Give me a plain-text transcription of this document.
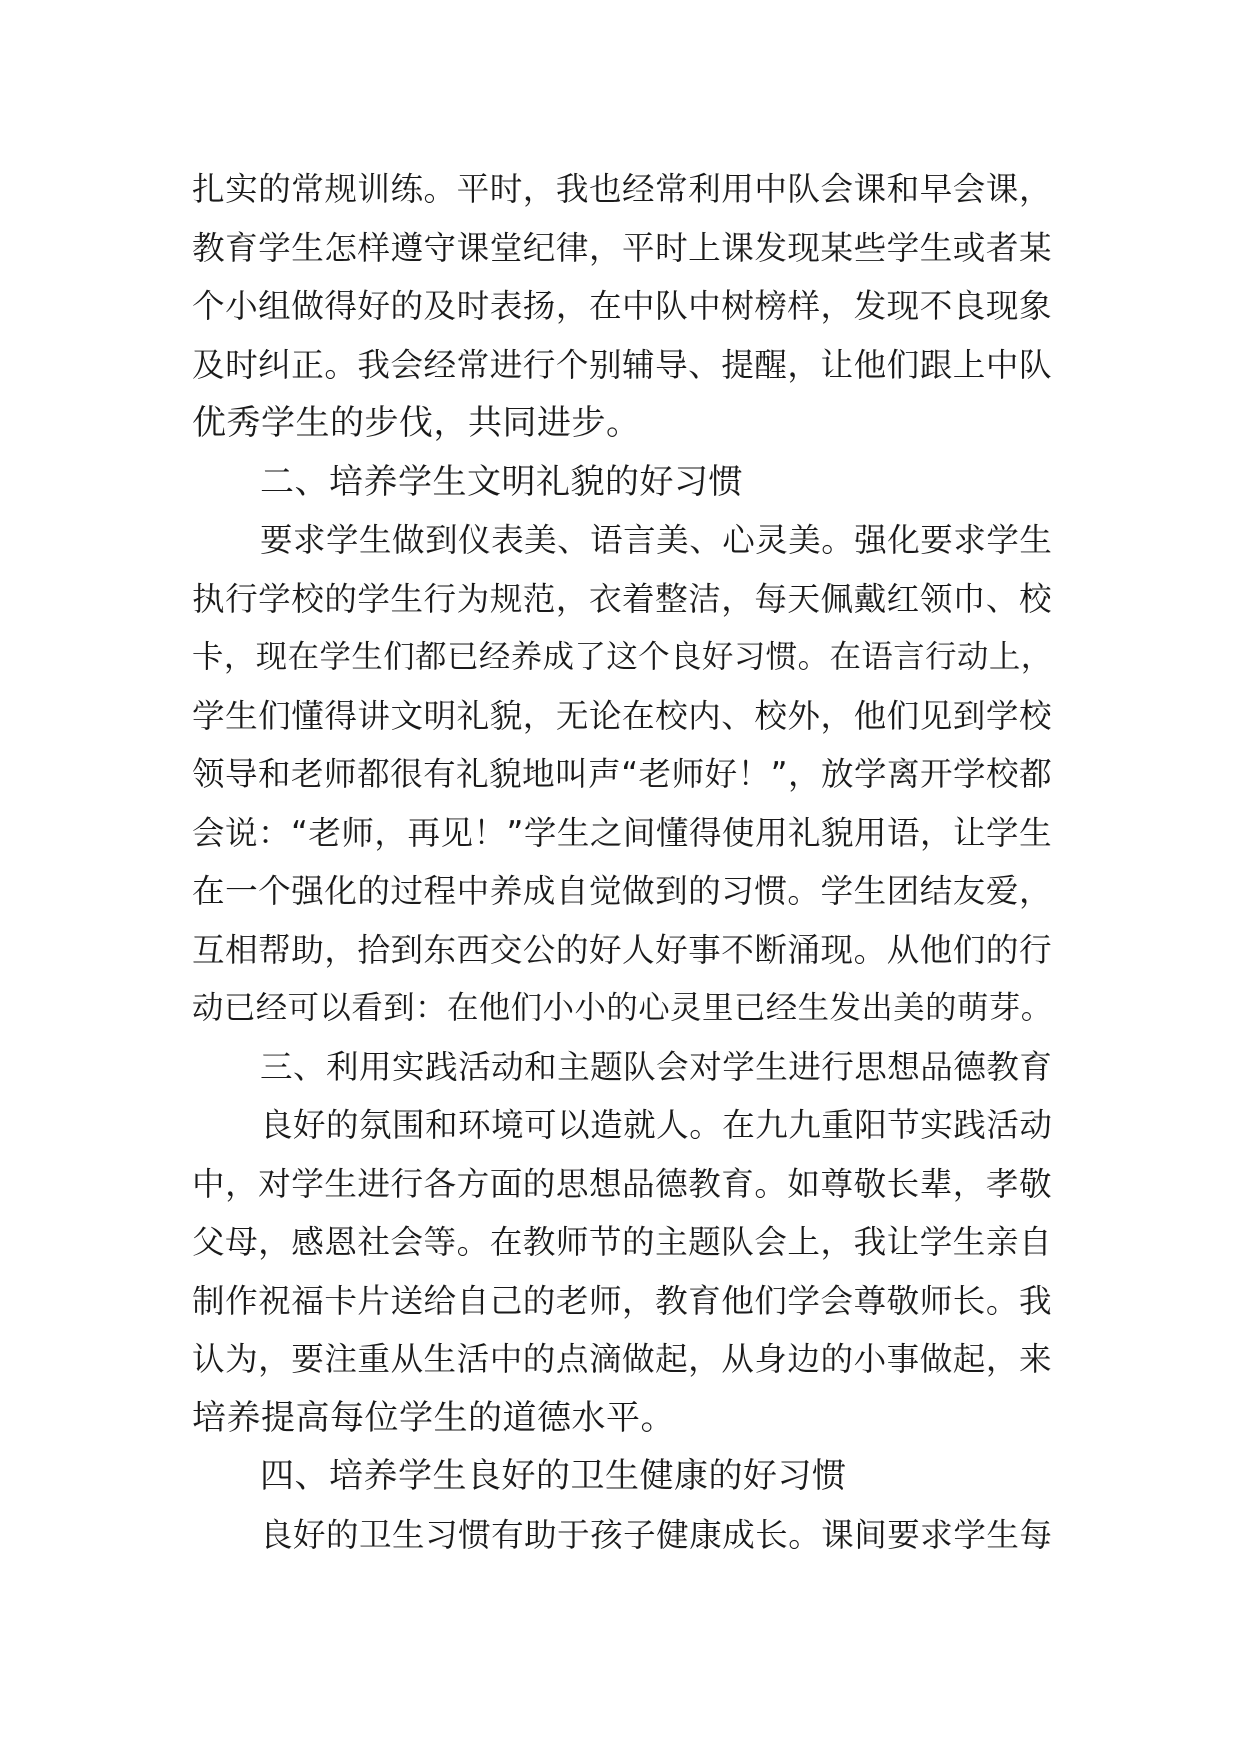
扎实的常规训练。平时，我也经常利用中队会课和早会课，
教育学生怎样遵守课堂纪律，平时上课发现某些学生或者某
个小组做得好的及时表扬，在中队中树榜样，发现不良现象
及时纠正。我会经常进行个别辅导、提醒，让他们跟上中队
优秀学生的步伐，共同进步。
二、培养学生文明礼貌的好习惯
要求学生做到仪表美、语言美、心灵美。强化要求学生
执行学校的学生行为规范，衣着整洁，每天佩戴红领巾、校
卡，现在学生们都已经养成了这个良好习惯。在语言行动上，
学生们懂得讲文明礼貌，无论在校内、校外，他们见到学校
领导和老师都很有礼貌地叫声“老师好！”，放学离开学校都
会说：“老师，再见！”学生之间懂得使用礼貌用语，让学生
在一个强化的过程中养成自觉做到的习惯。学生团结友爱，
互相帮助，拾到东西交公的好人好事不断涌现。从他们的行
动已经可以看到：在他们小小的心灵里已经生发出美的萌芽。
三、利用实践活动和主题队会对学生进行思想品德教育
良好的氛围和环境可以造就人。在九九重阳节实践活动
中，对学生进行各方面的思想品德教育。如尊敬长辈，孝敬
父母，感恩社会等。在教师节的主题队会上，我让学生亲自
制作祝福卡片送给自己的老师，教育他们学会尊敬师长。我
认为，要注重从生活中的点滴做起，从身边的小事做起，来
培养提高每位学生的道德水平。
四、培养学生良好的卫生健康的好习惯
良好的卫生习惯有助于孩子健康成长。课间要求学生每
